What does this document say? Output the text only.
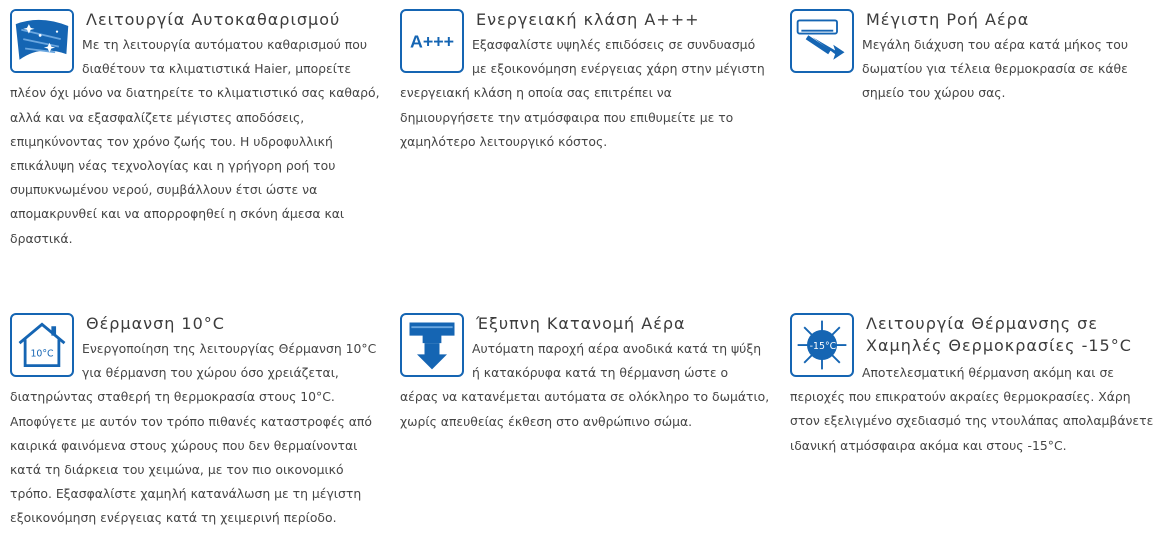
Λειτουργία Αυτοκαθαρισμού
Με τη λειτουργία αυτόματου καθαρισμού που
διαθέτουν τα κλιματιστικά Haier, μπορείτε
πλέον όχι μόνο να διατηρείτε το κλιματιστικό σας καθαρό,
αλλά και να εξασφαλίζετε μέγιστες αποδόσεις,
επιμηκύνοντας τον χρόνο ζωής του. Η υδροφυλλική
επικάλυψη νέας τεχνολογίας και η γρήγορη ροή του
συμπυκνωμένου νερού, συμβάλλουν έτσι ώστε να
απομακρυνθεί και να απορροφηθεί η σκόνη άμεσα και
δραστικά.
A+++
Ενεργειακή κλάση A+++
Εξασφαλίστε υψηλές επιδόσεις σε συνδυασμό
με εξοικονόμηση ενέργειας χάρη στην μέγιστη
ενεργειακή κλάση η οποία σας επιτρέπει να
δημιουργήσετε την ατμόσφαιρα που επιθυμείτε με το
χαμηλότερο λειτουργικό κόστος.
Μέγιστη Ροή Αέρα
Μεγάλη διάχυση του αέρα κατά μήκος του
δωματίου για τέλεια θερμοκρασία σε κάθε
σημείο του χώρου σας.
10°C
Θέρμανση 10°C
Ενεργοποίηση της λειτουργίας Θέρμανση 10°C
για θέρμανση του χώρου όσο χρειάζεται,
διατηρώντας σταθερή τη θερμοκρασία στους 10°C.
Αποφύγετε με αυτόν τον τρόπο πιθανές καταστροφές από
καιρικά φαινόμενα στους χώρους που δεν θερμαίνονται
κατά τη διάρκεια του χειμώνα, με τον πιο οικονομικό
τρόπο. Εξασφαλίστε χαμηλή κατανάλωση με τη μέγιστη
εξοικονόμηση ενέργειας κατά τη χειμερινή περίοδο.
Έξυπνη Κατανομή Αέρα
Αυτόματη παροχή αέρα ανοδικά κατά τη ψύξη
ή κατακόρυφα κατά τη θέρμανση ώστε ο
αέρας να κατανέμεται αυτόματα σε ολόκληρο το δωμάτιο,
χωρίς απευθείας έκθεση στο ανθρώπινο σώμα.
-15°C
Λειτουργία Θέρμανσης σε
Χαμηλές Θερμοκρασίες -15°C
Αποτελεσματική θέρμανση ακόμη και σε
περιοχές που επικρατούν ακραίες θερμοκρασίες. Χάρη
στον εξελιγμένο σχεδιασμό της ντουλάπας απολαμβάνετε
ιδανική ατμόσφαιρα ακόμα και στους -15°C.
